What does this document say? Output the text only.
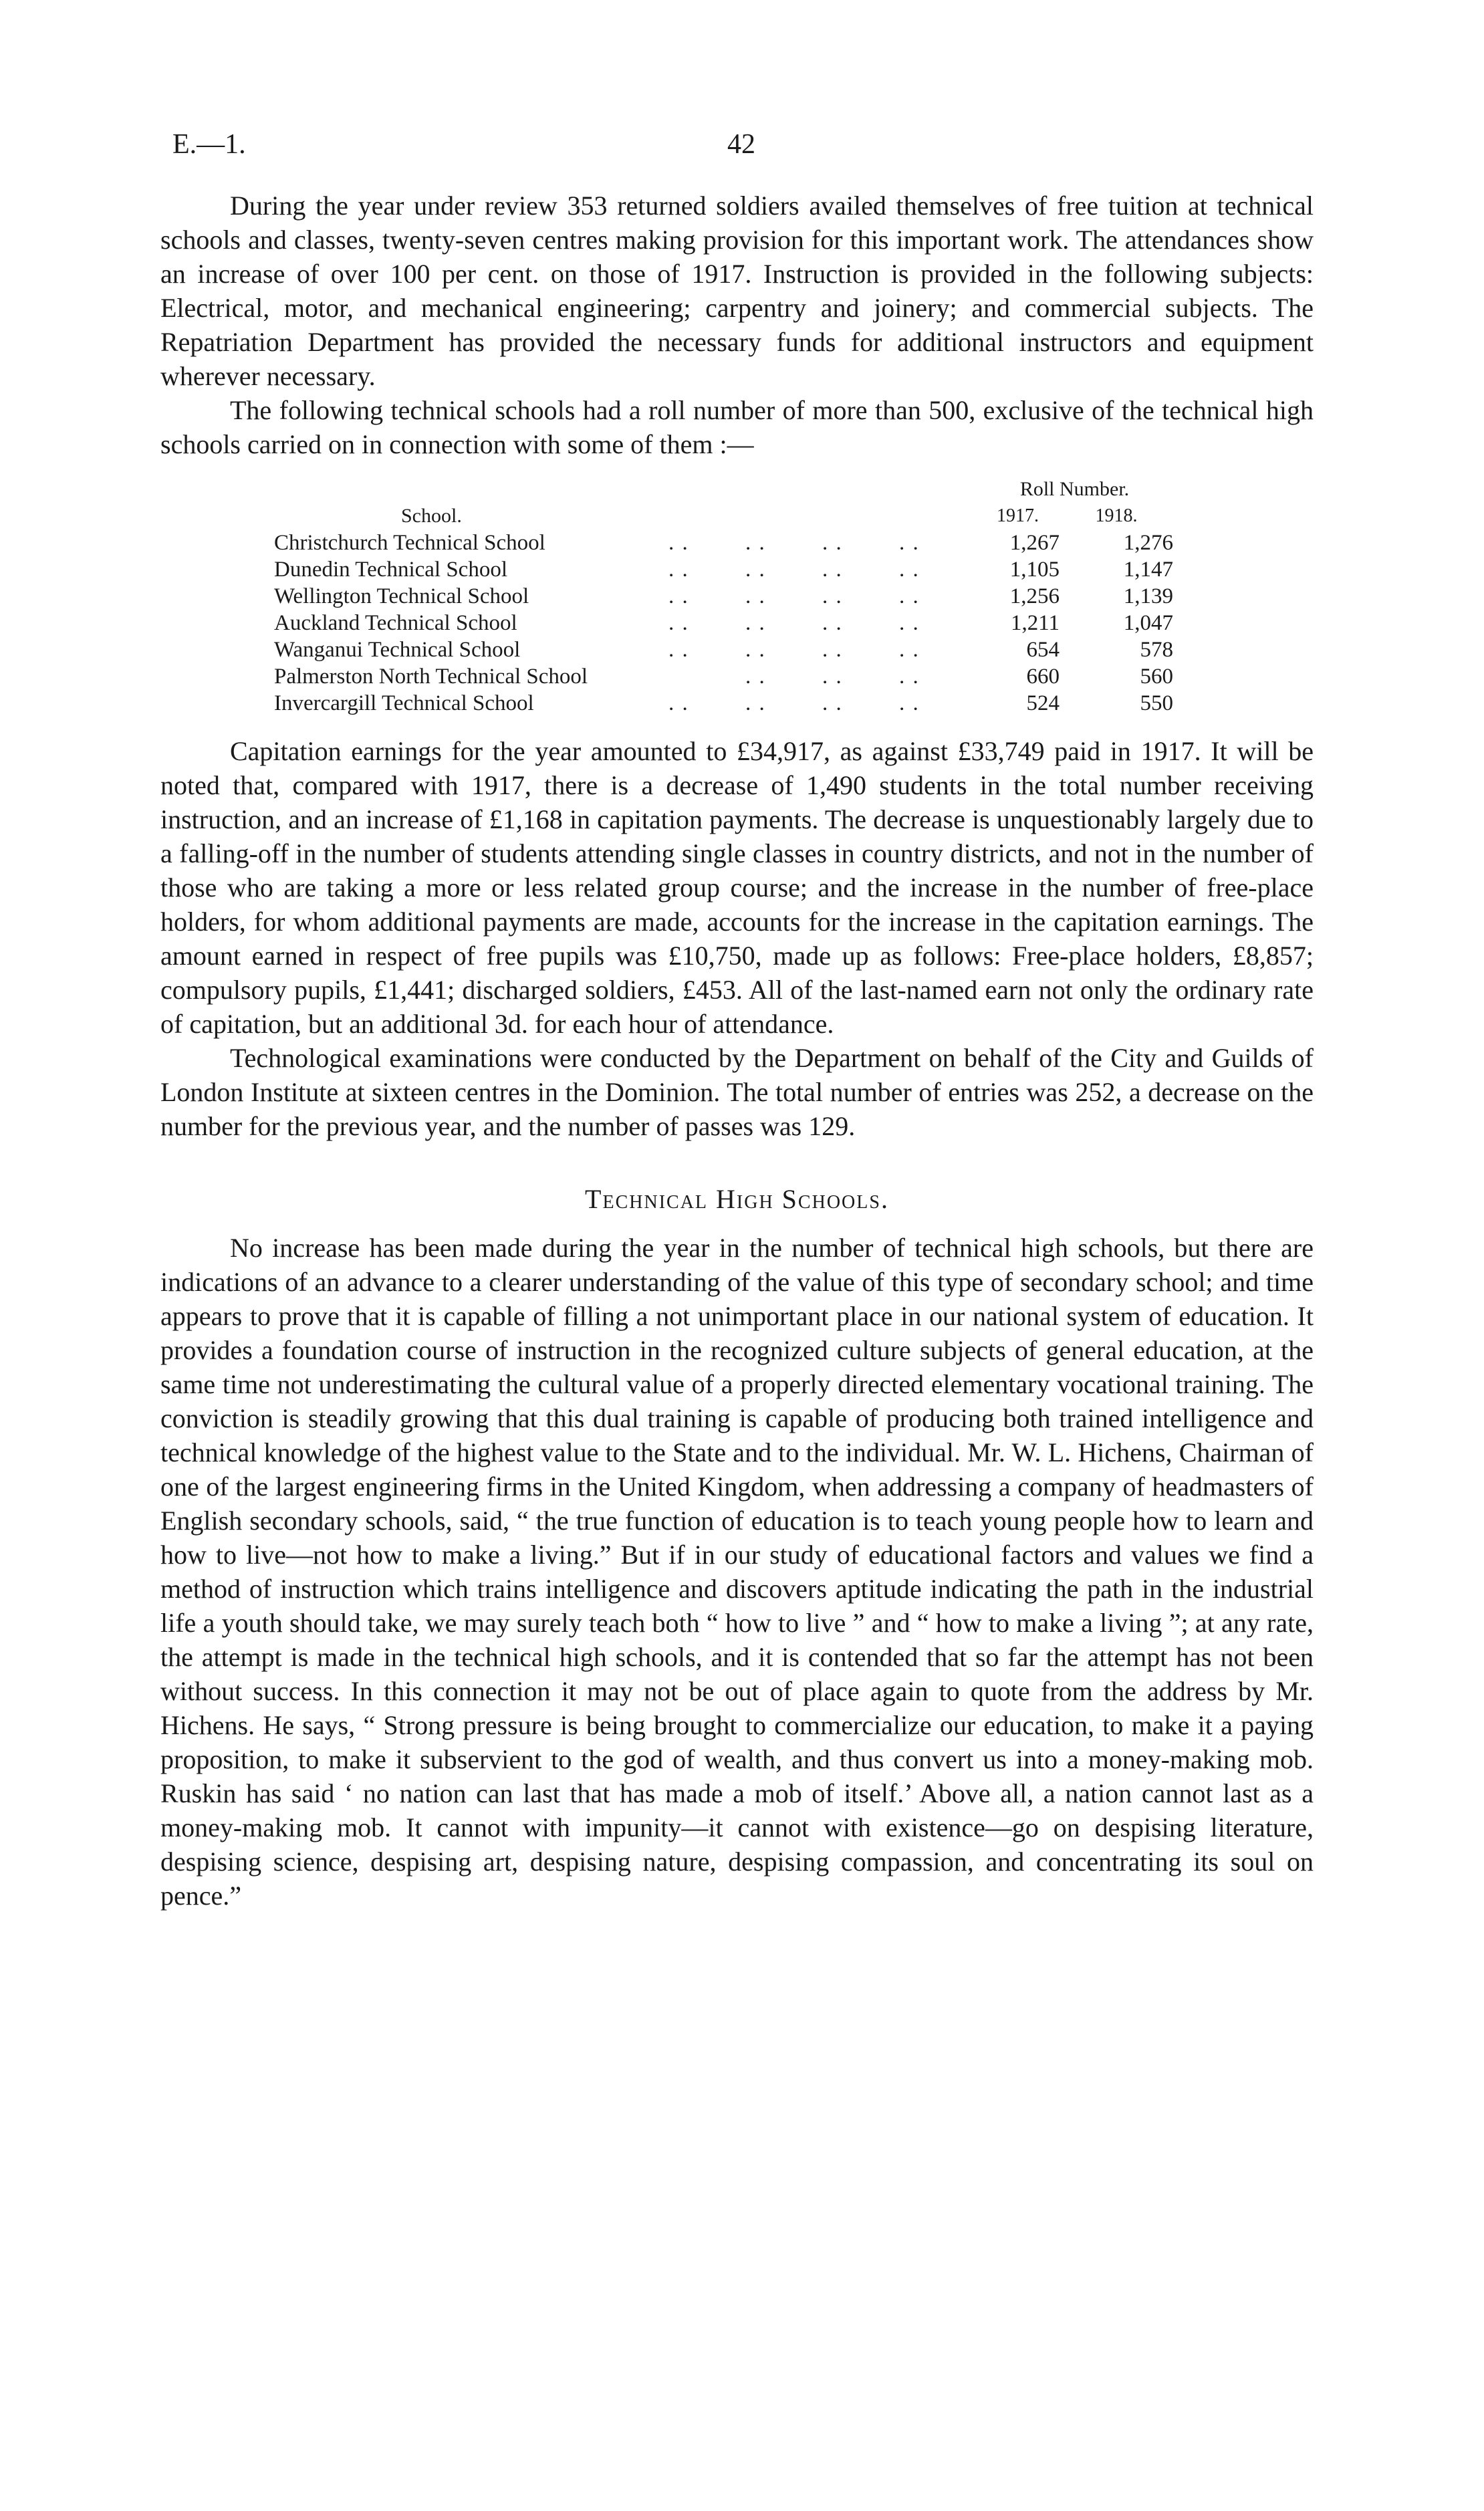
E.—1.	42

During the year under review 353 returned soldiers availed themselves of free tuition at technical schools and classes, twenty-seven centres making provision for this important work. The attendances show an increase of over 100 per cent. on those of 1917. Instruction is provided in the following subjects: Electrical, motor, and mechanical engineering; carpentry and joinery; and commercial subjects. The Repatriation Department has provided the necessary funds for additional instructors and equipment wherever necessary.

The following technical schools had a roll number of more than 500, exclusive of the technical high schools carried on in connection with some of them :—

School.		Roll Number.	
		1917.	1918.
Christchurch Technical School	. . . . . . . .	1,267	1,276
Dunedin Technical School	. . . . . . . .	1,105	1,147
Wellington Technical School	. . . . . . . .	1,256	1,139
Auckland Technical School	. . . . . . . .	1,211	1,047
Wanganui Technical School	. . . . . . . .	654	578
Palmerston North Technical School	. . . . . .	660	560
Invercargill Technical School	. . . . . . . .	524	550

Capitation earnings for the year amounted to £34,917, as against £33,749 paid in 1917. It will be noted that, compared with 1917, there is a decrease of 1,490 students in the total number receiving instruction, and an increase of £1,168 in capitation payments. The decrease is unquestionably largely due to a falling-off in the number of students attending single classes in country districts, and not in the number of those who are taking a more or less related group course; and the increase in the number of free-place holders, for whom additional payments are made, accounts for the increase in the capitation earnings. The amount earned in respect of free pupils was £10,750, made up as follows: Free-place holders, £8,857; compulsory pupils, £1,441; discharged soldiers, £453. All of the last-named earn not only the ordinary rate of capitation, but an additional 3d. for each hour of attendance.

Technological examinations were conducted by the Department on behalf of the City and Guilds of London Institute at sixteen centres in the Dominion. The total number of entries was 252, a decrease on the number for the previous year, and the number of passes was 129.

Technical High Schools.

No increase has been made during the year in the number of technical high schools, but there are indications of an advance to a clearer understanding of the value of this type of secondary school; and time appears to prove that it is capable of filling a not unimportant place in our national system of education. It provides a foundation course of instruction in the recognized culture subjects of general education, at the same time not underestimating the cultural value of a properly directed elementary vocational training. The conviction is steadily growing that this dual training is capable of producing both trained intelligence and technical knowledge of the highest value to the State and to the individual. Mr. W. L. Hichens, Chairman of one of the largest engineering firms in the United Kingdom, when addressing a company of headmasters of English secondary schools, said, “ the true function of education is to teach young people how to learn and how to live—not how to make a living.” But if in our study of educational factors and values we find a method of instruction which trains intelligence and discovers aptitude indicating the path in the industrial life a youth should take, we may surely teach both “ how to live ” and “ how to make a living ”; at any rate, the attempt is made in the technical high schools, and it is contended that so far the attempt has not been without success. In this connection it may not be out of place again to quote from the address by Mr. Hichens. He says, “ Strong pressure is being brought to commercialize our education, to make it a paying proposition, to make it subservient to the god of wealth, and thus convert us into a money-making mob. Ruskin has said ‘ no nation can last that has made a mob of itself.’ Above all, a nation cannot last as a money-making mob. It cannot with impunity—it cannot with existence—go on despising literature, despising science, despising art, despising nature, despising compassion, and concentrating its soul on pence.”
